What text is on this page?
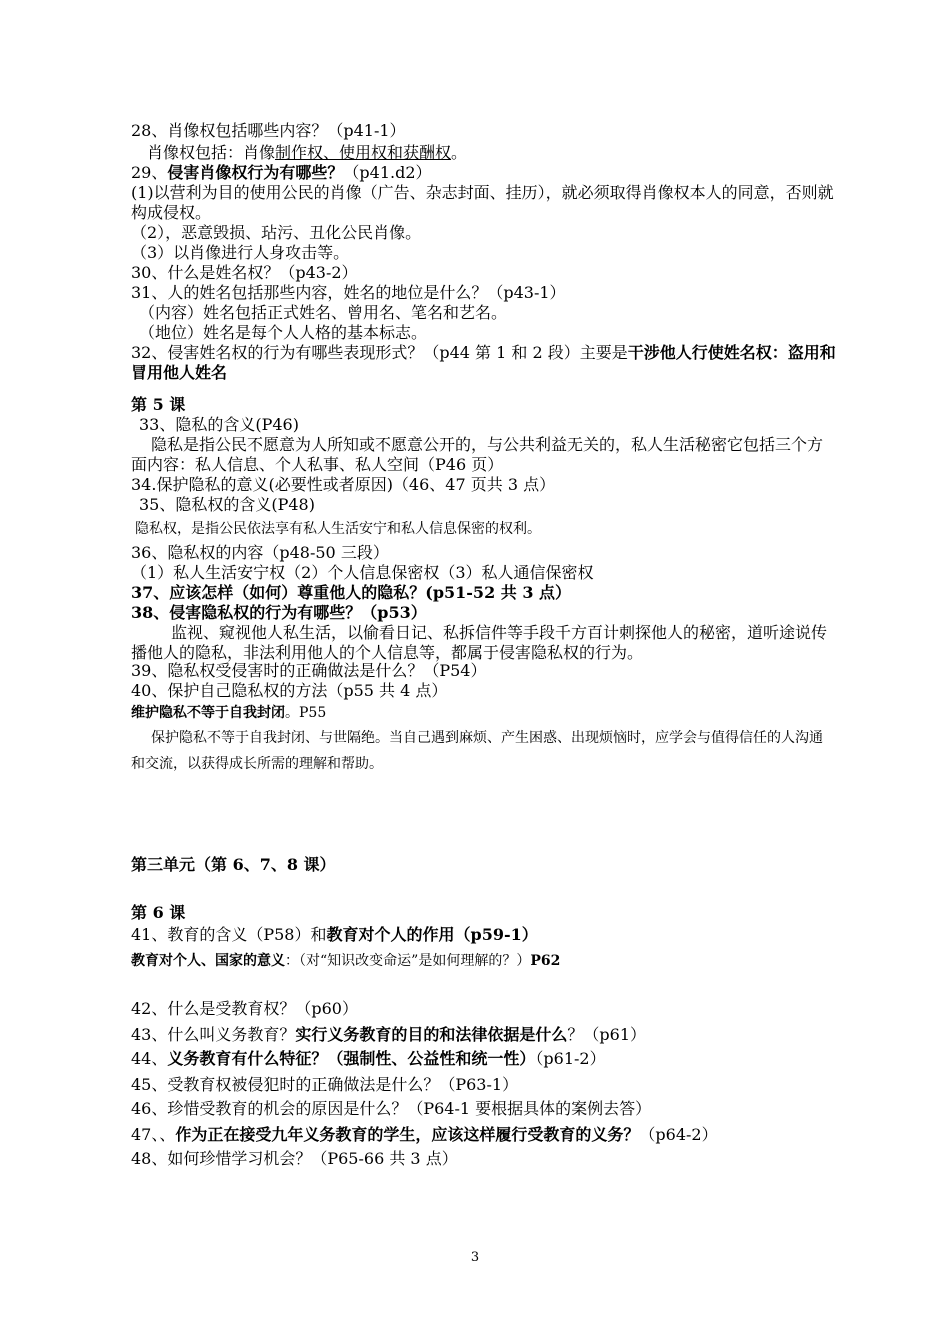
28、肖像权包括哪些内容？（p41-1）
　肖像权包括：肖像制作权、使用权和获酬权。
29、侵害肖像权行为有哪些？（p41.d2）
(1)以营利为目的使用公民的肖像（广告、杂志封面、挂历），就必须取得肖像权本人的同意，否则就构成侵权。
（2），恶意毁损、玷污、丑化公民肖像。
（3）以肖像进行人身攻击等。
30、什么是姓名权？（p43-2）
31、人的姓名包括那些内容，姓名的地位是什么？（p43-1）
（内容）姓名包括正式姓名、曾用名、笔名和艺名。
（地位）姓名是每个人人格的基本标志。
32、侵害姓名权的行为有哪些表现形式？（p44 第 1 和 2 段）主要是干涉他人行使姓名权：盗用和冒用他人姓名
第 5 课
33、隐私的含义(P46)
隐私是指公民不愿意为人所知或不愿意公开的，与公共利益无关的，私人生活秘密它包括三个方面内容：私人信息、个人私事、私人空间（P46 页）
34.保护隐私的意义(必要性或者原因)（46、47 页共 3 点）
35、隐私权的含义(P48)
隐私权，是指公民依法享有私人生活安宁和私人信息保密的权利。
36、隐私权的内容（p48-50 三段）
（1）私人生活安宁权（2）个人信息保密权（3）私人通信保密权
37、应该怎样（如何）尊重他人的隐私？(p51-52 共 3 点）
38、侵害隐私权的行为有哪些？（p53）
监视、窥视他人私生活，以偷看日记、私拆信件等手段千方百计刺探他人的秘密，道听途说传播他人的隐私，非法利用他人的个人信息等，都属于侵害隐私权的行为。
39、隐私权受侵害时的正确做法是什么？（P54）
40、保护自己隐私权的方法（p55 共 4 点）
维护隐私不等于自我封闭。P55
保护隐私不等于自我封闭、与世隔绝。当自己遇到麻烦、产生困惑、出现烦恼时，应学会与值得信任的人沟通和交流，以获得成长所需的理解和帮助。
第三单元（第 6、7、8 课）
第 6 课
41、教育的含义（P58）和教育对个人的作用（p59-1）
教育对个人、国家的意义：（对“知识改变命运”是如何理解的？）P62
42、什么是受教育权？（p60）
43、什么叫义务教育？实行义务教育的目的和法律依据是什么？（p61）
44、义务教育有什么特征？（强制性、公益性和统一性）（p61-2）
45、受教育权被侵犯时的正确做法是什么？（P63-1）
46、珍惜受教育的机会的原因是什么？（P64-1 要根据具体的案例去答）
47、、作为正在接受九年义务教育的学生，应该这样履行受教育的义务？（p64-2）
48、如何珍惜学习机会？（P65-66 共 3 点）
3
